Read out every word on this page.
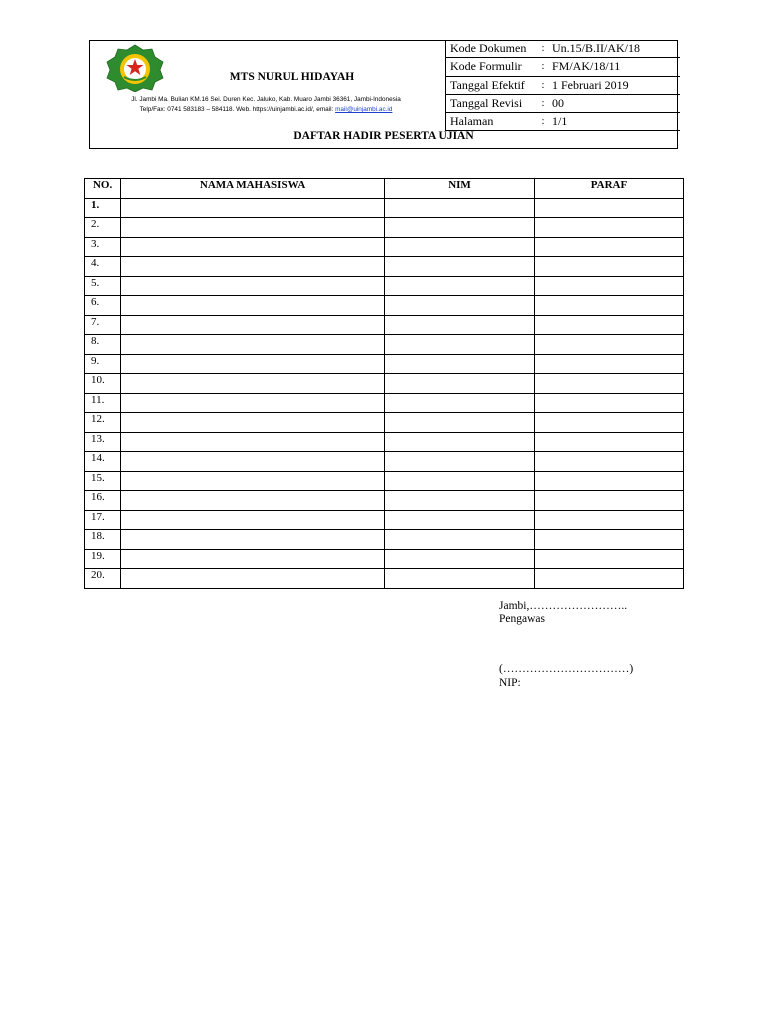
MTS NURUL HIDAYAH
Jl. Jambi Ma. Bulian KM.16 Sei. Duren Kec. Jaluko, Kab. Muaro Jambi 36361, Jambi-Indonesia
Telp/Fax: 0741 583183 – 584118. Web. https://uinjambi.ac.id/, email: mail@uinjambi.ac.id
Kode Dokumen	:	Un.15/B.II/AK/18
Kode Formulir	:	FM/AK/18/11
Tanggal Efektif	:	1 Februari 2019
Tanggal Revisi	:	00
Halaman	:	1/1
DAFTAR HADIR PESERTA UJIAN
NO.	NAMA MAHASISWA	NIM	PARAF
1.			
2.			
3.			
4.			
5.			
6.			
7.			
8.			
9.			
10.			
11.			
12.			
13.			
14.			
15.			
16.			
17.			
18.			
19.			
20.			
Jambi,……………………..
Pengawas
(……………………………)
NIP:
